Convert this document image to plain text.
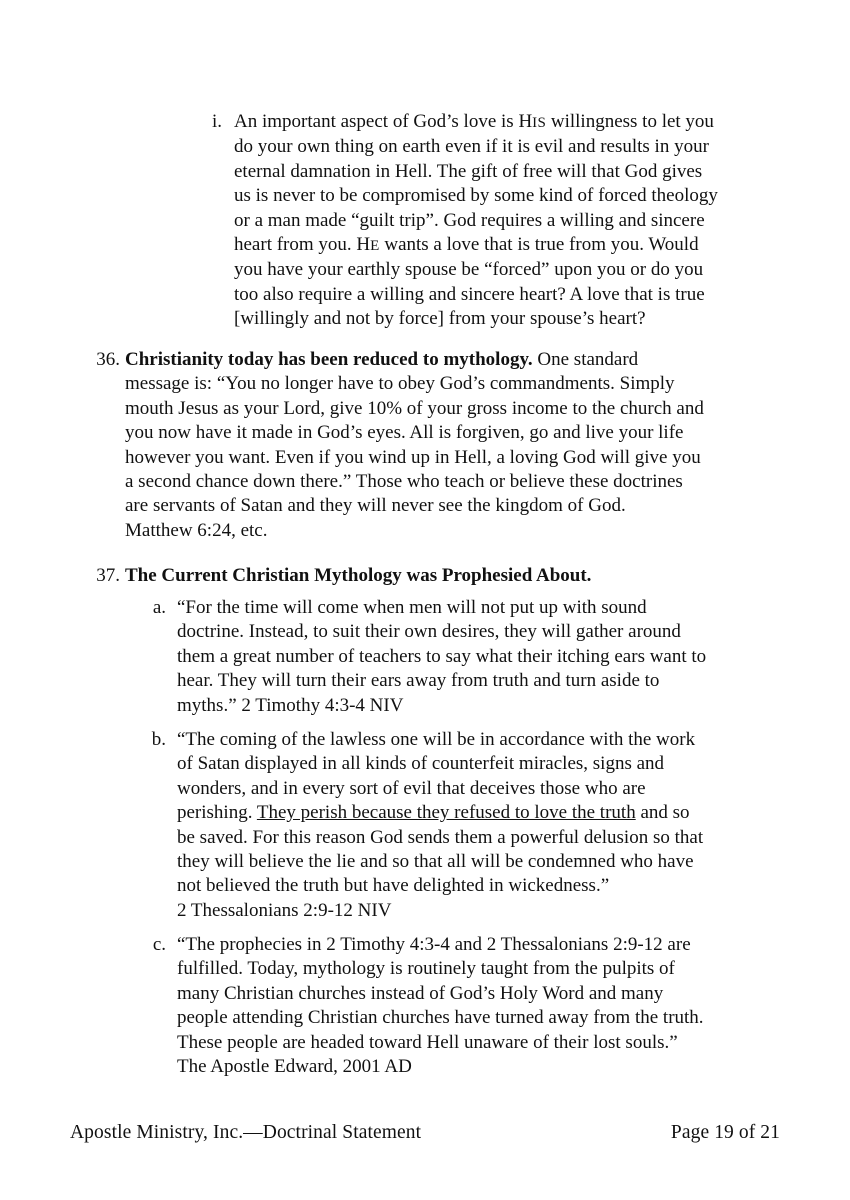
i. An important aspect of God’s love is HIS willingness to let you
do your own thing on earth even if it is evil and results in your
eternal damnation in Hell. The gift of free will that God gives
us is never to be compromised by some kind of forced theology
or a man made “guilt trip”. God requires a willing and sincere
heart from you. HE wants a love that is true from you. Would
you have your earthly spouse be “forced” upon you or do you
too also require a willing and sincere heart? A love that is true
[willingly and not by force] from your spouse’s heart?
36. Christianity today has been reduced to mythology. One standard
message is: “You no longer have to obey God’s commandments. Simply
mouth Jesus as your Lord, give 10% of your gross income to the church and
you now have it made in God’s eyes. All is forgiven, go and live your life
however you want. Even if you wind up in Hell, a loving God will give you
a second chance down there.” Those who teach or believe these doctrines
are servants of Satan and they will never see the kingdom of God.
Matthew 6:24, etc.
37. The Current Christian Mythology was Prophesied About.
a. “For the time will come when men will not put up with sound
doctrine. Instead, to suit their own desires, they will gather around
them a great number of teachers to say what their itching ears want to
hear. They will turn their ears away from truth and turn aside to
myths.” 2 Timothy 4:3-4 NIV
b. “The coming of the lawless one will be in accordance with the work
of Satan displayed in all kinds of counterfeit miracles, signs and
wonders, and in every sort of evil that deceives those who are
perishing. They perish because they refused to love the truth and so
be saved. For this reason God sends them a powerful delusion so that
they will believe the lie and so that all will be condemned who have
not believed the truth but have delighted in wickedness.”
2 Thessalonians 2:9-12 NIV
c. “The prophecies in 2 Timothy 4:3-4 and 2 Thessalonians 2:9-12 are
fulfilled. Today, mythology is routinely taught from the pulpits of
many Christian churches instead of God’s Holy Word and many
people attending Christian churches have turned away from the truth.
These people are headed toward Hell unaware of their lost souls.”
The Apostle Edward, 2001 AD
Apostle Ministry, Inc.—Doctrinal Statement	Page 19 of 21
